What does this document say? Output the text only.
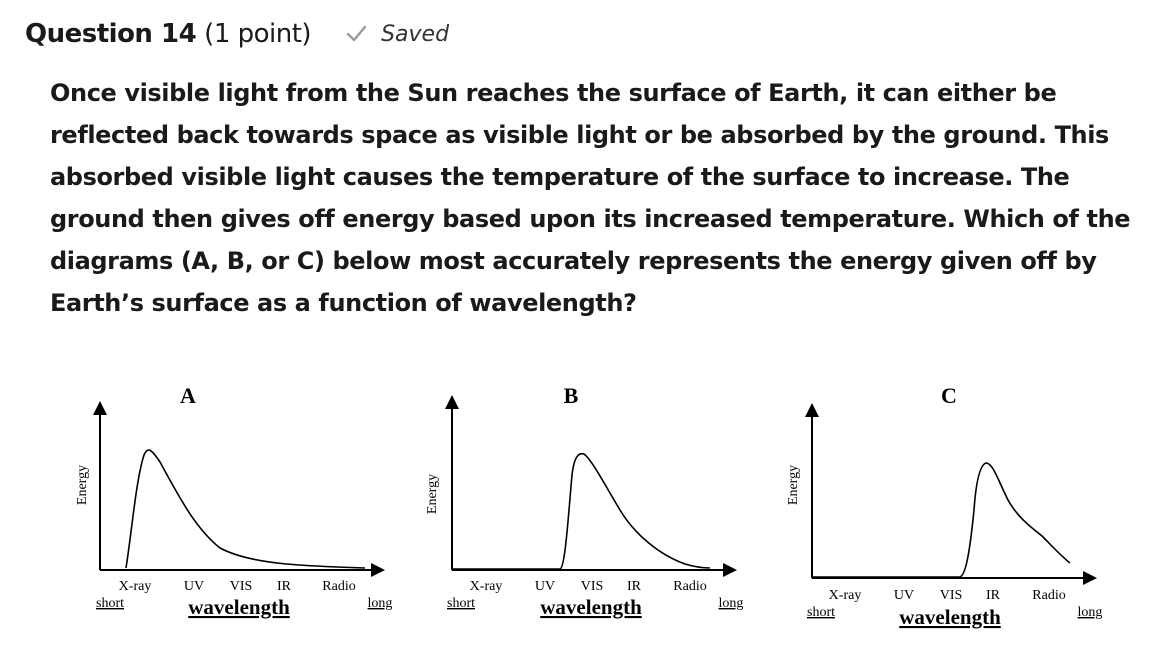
Question 14 (1 point)	Saved
Once visible light from the Sun reaches the surface of Earth, it can either be reflected back towards space as visible light or be absorbed by the ground. This absorbed visible light causes the temperature of the surface to increase. The ground then gives off energy based upon its increased temperature. Which of the diagrams (A, B, or C) below most accurately represents the energy given off by Earth’s surface as a function of wavelength?
A
Energy
X-ray UV VIS IR Radio
short	wavelength	long
B
Energy
X-ray UV VIS IR Radio
short	wavelength	long
C
Energy
X-ray UV VIS IR Radio
short	wavelength	long
